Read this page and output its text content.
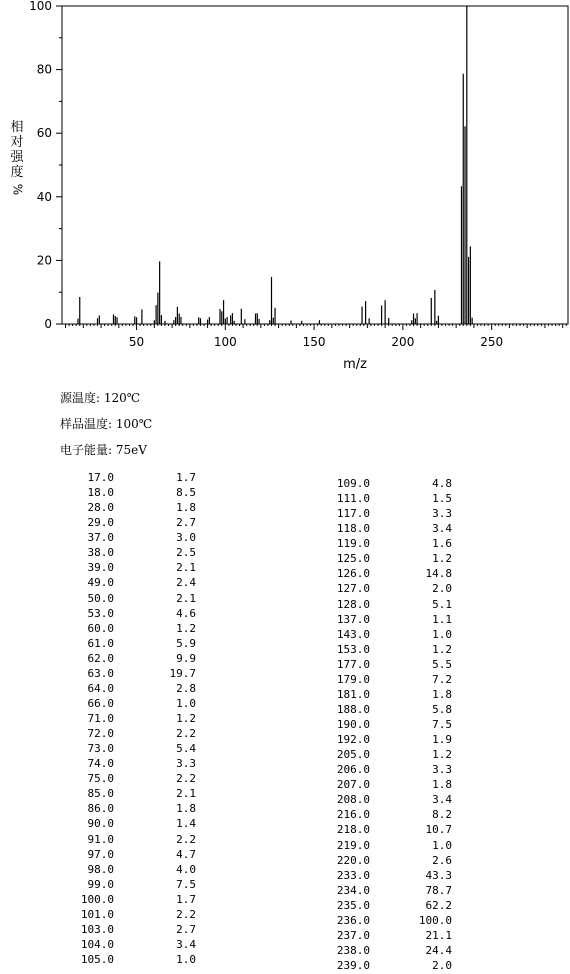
50	100	150	200	250
0
20
40
60
80
100
m/z
相对强度
%
源温度: 120℃
样品温度: 100℃
电子能量: 75eV
17.0	1.7
18.0	8.5
28.0	1.8
29.0	2.7
37.0	3.0
38.0	2.5
39.0	2.1
49.0	2.4
50.0	2.1
53.0	4.6
60.0	1.2
61.0	5.9
62.0	9.9
63.0	19.7
64.0	2.8
66.0	1.0
71.0	1.2
72.0	2.2
73.0	5.4
74.0	3.3
75.0	2.2
85.0	2.1
86.0	1.8
90.0	1.4
91.0	2.2
97.0	4.7
98.0	4.0
99.0	7.5
100.0	1.7
101.0	2.2
103.0	2.7
104.0	3.4
105.0	1.0
109.0	4.8
111.0	1.5
117.0	3.3
118.0	3.4
119.0	1.6
125.0	1.2
126.0	14.8
127.0	2.0
128.0	5.1
137.0	1.1
143.0	1.0
153.0	1.2
177.0	5.5
179.0	7.2
181.0	1.8
188.0	5.8
190.0	7.5
192.0	1.9
205.0	1.2
206.0	3.3
207.0	1.8
208.0	3.4
216.0	8.2
218.0	10.7
219.0	1.0
220.0	2.6
233.0	43.3
234.0	78.7
235.0	62.2
236.0	100.0
237.0	21.1
238.0	24.4
239.0	2.0
